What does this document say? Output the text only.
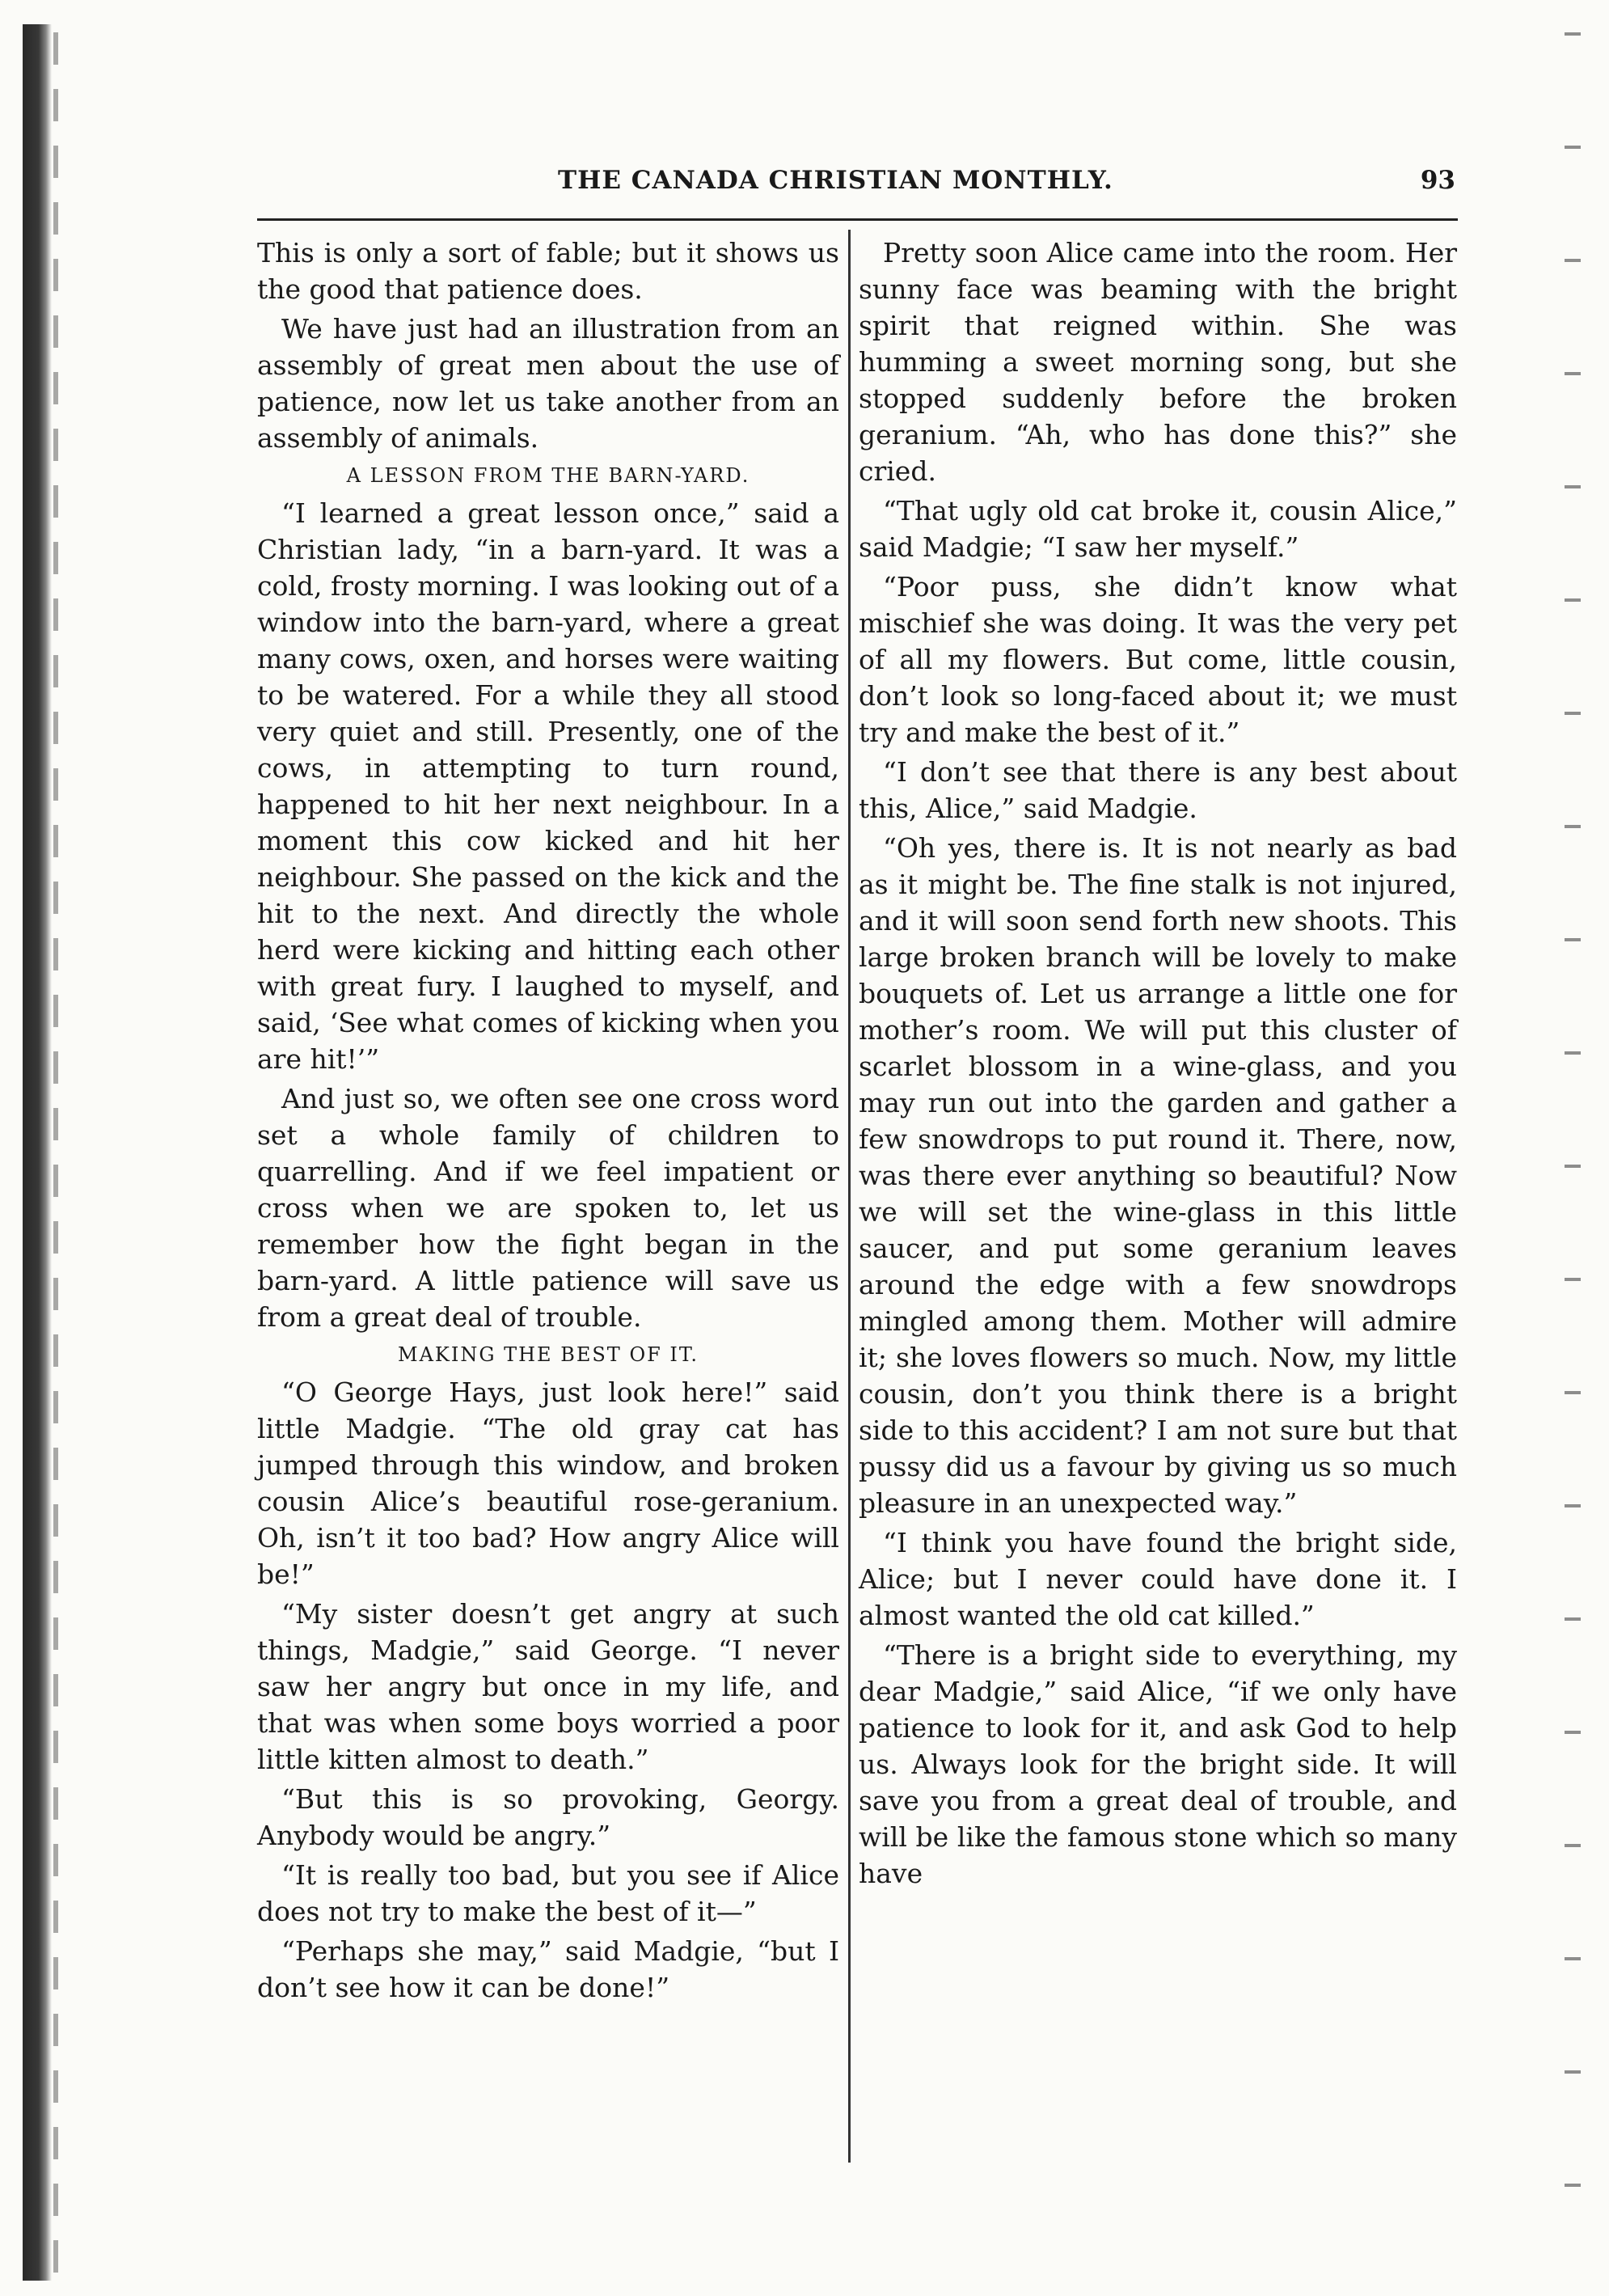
THE CANADA CHRISTIAN MONTHLY.	93

This is only a sort of fable; but it shows us the good that patience does.

We have just had an illustration from an assembly of great men about the use of patience, now let us take another from an assembly of animals.

A LESSON FROM THE BARN-YARD.

“I learned a great lesson once,” said a Christian lady, “in a barn-yard. It was a cold, frosty morning. I was looking out of a window into the barn-yard, where a great many cows, oxen, and horses were waiting to be watered. For a while they all stood very quiet and still. Presently, one of the cows, in attempting to turn round, happened to hit her next neighbour. In a moment this cow kicked and hit her neighbour. She passed on the kick and the hit to the next. And directly the whole herd were kicking and hitting each other with great fury. I laughed to myself, and said, ‘See what comes of kicking when you are hit!’”

And just so, we often see one cross word set a whole family of children to quarrelling. And if we feel impatient or cross when we are spoken to, let us remember how the fight began in the barn-yard. A little patience will save us from a great deal of trouble.

MAKING THE BEST OF IT.

“O George Hays, just look here!” said little Madgie. “The old gray cat has jumped through this window, and broken cousin Alice’s beautiful rose-geranium. Oh, isn’t it too bad? How angry Alice will be!”

“My sister doesn’t get angry at such things, Madgie,” said George. “I never saw her angry but once in my life, and that was when some boys worried a poor little kitten almost to death.”

“But this is so provoking, Georgy. Anybody would be angry.”

“It is really too bad, but you see if Alice does not try to make the best of it—”

“Perhaps she may,” said Madgie, “but I don’t see how it can be done!”

Pretty soon Alice came into the room. Her sunny face was beaming with the bright spirit that reigned within. She was humming a sweet morning song, but she stopped suddenly before the broken geranium. “Ah, who has done this?” she cried.

“That ugly old cat broke it, cousin Alice,” said Madgie; “I saw her myself.”

“Poor puss, she didn’t know what mischief she was doing. It was the very pet of all my flowers. But come, little cousin, don’t look so long-faced about it; we must try and make the best of it.”

“I don’t see that there is any best about this, Alice,” said Madgie.

“Oh yes, there is. It is not nearly as bad as it might be. The fine stalk is not injured, and it will soon send forth new shoots. This large broken branch will be lovely to make bouquets of. Let us arrange a little one for mother’s room. We will put this cluster of scarlet blossom in a wine-glass, and you may run out into the garden and gather a few snowdrops to put round it. There, now, was there ever anything so beautiful? Now we will set the wine-glass in this little saucer, and put some geranium leaves around the edge with a few snowdrops mingled among them. Mother will admire it; she loves flowers so much. Now, my little cousin, don’t you think there is a bright side to this accident? I am not sure but that pussy did us a favour by giving us so much pleasure in an unexpected way.”

“I think you have found the bright side, Alice; but I never could have done it. I almost wanted the old cat killed.”

“There is a bright side to everything, my dear Madgie,” said Alice, “if we only have patience to look for it, and ask God to help us. Always look for the bright side. It will save you from a great deal of trouble, and will be like the famous stone which so many have
